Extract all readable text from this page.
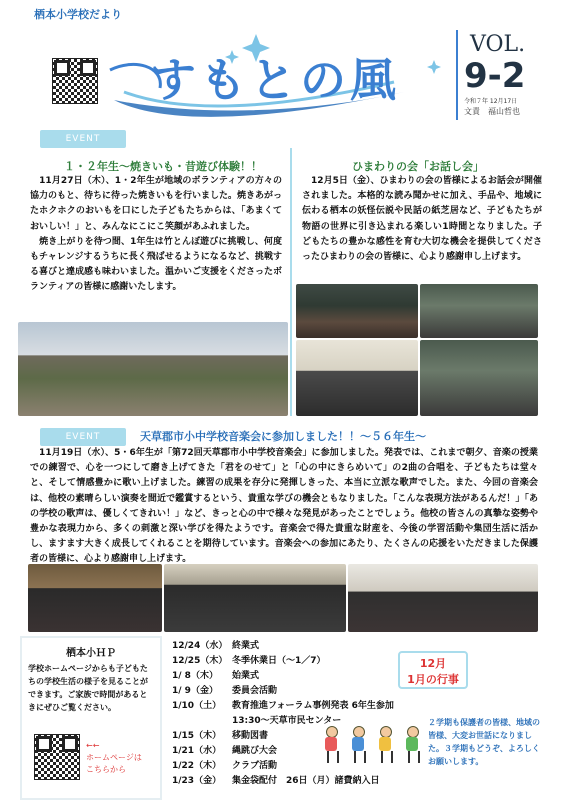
栖本小学校だより
すもとの風
VOL.
9-2
令和７年 12月17日
文責　福山哲也
EVENT
１・２年生～焼きいも・昔遊び体験！！
　11月27日（木）、1・2年生が地域のボランティアの方々の協力のもと、待ちに待った焼きいもを行いました。焼きあがったホクホクのおいもを口にした子どもたちからは、「あまくておいしい！」と、みんなにこにこ笑顔があふれました。
　焼き上がりを待つ間、1年生は竹とんぼ遊びに挑戦し、何度もチャレンジするうちに長く飛ばせるようになるなど、挑戦する喜びと達成感も味わいました。温かいご支援をくださったボランティアの皆様に感謝いたします。
ひまわりの会「お話し会」
　12月5日（金）、ひまわりの会の皆様によるお話会が開催されました。本格的な読み聞かせに加え、手品や、地域に伝わる栖本の妖怪伝説や民話の紙芝居など、子どもたちが物語の世界に引き込まれる楽しい1時間となりました。子どもたちの豊かな感性を育む大切な機会を提供してくださったひまわりの会の皆様に、心より感謝申し上げます。
EVENT	天草郡市小中学校音楽会に参加しました！！～５６年生～
　11月19日（水）、5・6年生が「第72回天草郡市小中学校音楽会」に参加しました。発表では、これまで朝夕、音楽の授業での練習で、心を一つにして磨き上げてきた「君をのせて」と「心の中にきらめいて」の2曲の合唱を、子どもたちは堂々と、そして情感豊かに歌い上げました。練習の成果を存分に発揮しきった、本当に立派な歌声でした。また、今回の音楽会は、他校の素晴らしい演奏を間近で鑑賞するという、貴重な学びの機会ともなりました。「こんな表現方法があるんだ！」「あの学校の歌声は、優しくてきれい！」など、きっと心の中で様々な発見があったことでしょう。他校の皆さんの真摯な姿勢や豊かな表現力から、多くの刺激と深い学びを得たようです。音楽会で得た貴重な財産を、今後の学習活動や集団生活に活かし、ますます大きく成長してくれることを期待しています。音楽会への参加にあたり、たくさんの応援をいただきました保護者の皆様に、心より感謝申し上げます。
栖本小ＨＰ
学校ホームページからも子どもたちの学校生活の様子を見ることができます。ご家族で時間があるときにぜひご覧ください。
←←
ホームページは
こちらから
12/24（水） 終業式
12/25（木） 冬季休業日（～1／7）
1/ 8（木） 始業式
1/ 9（金） 委員会活動
1/10（土） 教育推進フォーラム事例発表 6年生参加
13:30～天草市民センター
1/15（木） 移動図書
1/21（水） 縄跳び大会
1/22（木） クラブ活動
1/23（金） 集金袋配付　26日（月）諸費納入日
12月
1月の行事

２学期も保護者の皆様、地域の皆様、大変お世話になりました。３学期もどうぞ、よろしくお願いします。
